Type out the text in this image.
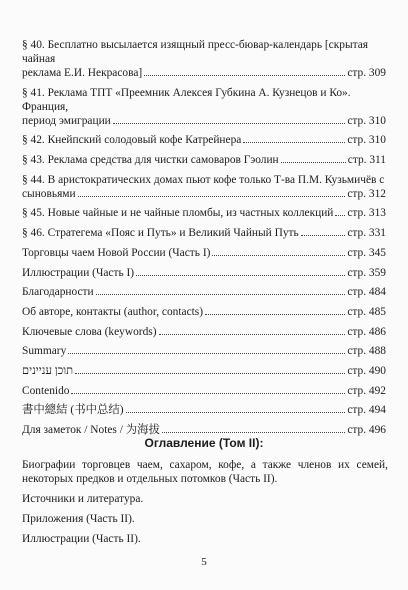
§ 40. Бесплатно высылается изящный пресс-бювар-календарь [скрытая чайная
реклама Е.И. Некрасова]	стр. 309
§ 41. Реклама ТПТ «Преемник Алексея Губкина А. Кузнецов и Ко». Франция,
период эмиграции	стр. 310
§ 42. Кнейпский солодовый кофе Катрейнера	стр. 310
§ 43. Реклама средства для чистки самоваров Гэолин	стр. 311
§ 44. В аристократических домах пьют кофе только Т-ва П.М. Кузьмичёв с
сыновьями	стр. 312
§ 45. Новые чайные и не чайные пломбы, из частных коллекций стр. 313
§ 46. Стратегема «Пояс и Путь» и Великий Чайный Путь	стр. 331
Торговцы чаем Новой России (Часть I)	стр. 345
Иллюстрации (Часть I)	стр. 359
Благодарности	стр. 484
Об авторе, контакты (author, contacts)	стр. 485
Ключевые слова (keywords)	стр. 486
Summary	стр. 488
תוכן עניינים	стр. 490
Contenido	стр. 492
書中總結 (书中总结)	стр. 494
Для заметок / Notes / 为海拔	стр. 496
Оглавление (Том II):
Биографии торговцев чаем, сахаром, кофе, а также членов их семей,
некоторых предков и отдельных потомков (Часть II).
Источники и литература.
Приложения (Часть II).
Иллюстрации (Часть II).
5
